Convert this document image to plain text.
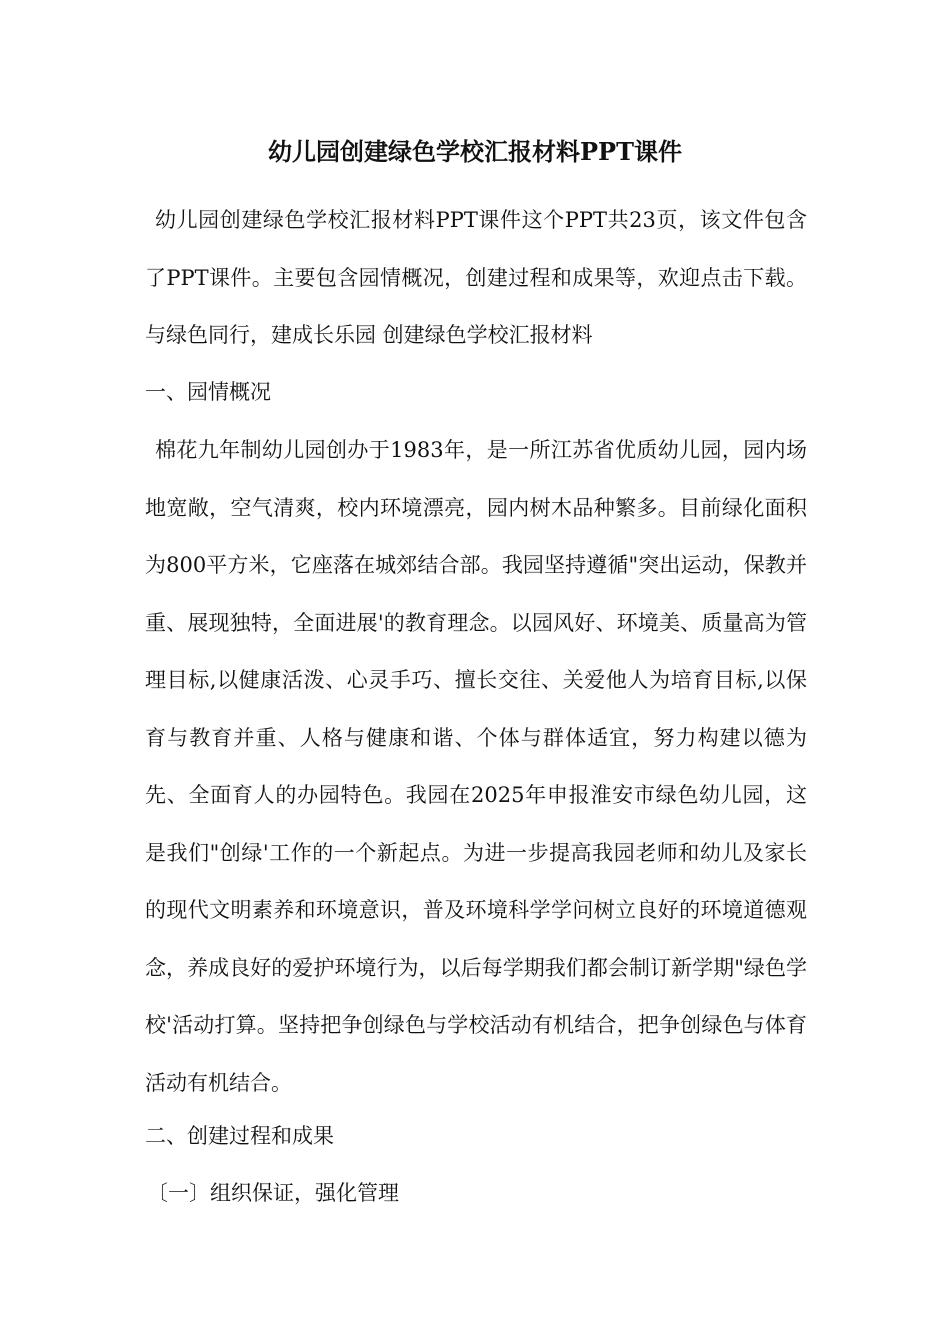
幼儿园创建绿色学校汇报材料PPT课件

幼儿园创建绿色学校汇报材料PPT课件这个PPT共23页，该文件包含了PPT课件。主要包含园情概况，创建过程和成果等，欢迎点击下载。与绿色同行，建成长乐园 创建绿色学校汇报材料

一、园情概况

棉花九年制幼儿园创办于1983年，是一所江苏省优质幼儿园，园内场地宽敞，空气清爽，校内环境漂亮，园内树木品种繁多。目前绿化面积为800平方米，它座落在城郊结合部。我园坚持遵循"突出运动，保教并重、展现独特，全面进展'的教育理念。以园风好、环境美、质量高为管理目标,以健康活泼、心灵手巧、擅长交往、关爱他人为培育目标,以保育与教育并重、人格与健康和谐、个体与群体适宜，努力构建以德为先、全面育人的办园特色。我园在2025年申报淮安市绿色幼儿园，这是我们"创绿'工作的一个新起点。为进一步提高我园老师和幼儿及家长的现代文明素养和环境意识，普及环境科学学问树立良好的环境道德观念，养成良好的爱护环境行为，以后每学期我们都会制订新学期"绿色学校'活动打算。坚持把争创绿色与学校活动有机结合，把争创绿色与体育活动有机结合。

二、创建过程和成果
〔一〕组织保证，强化管理
